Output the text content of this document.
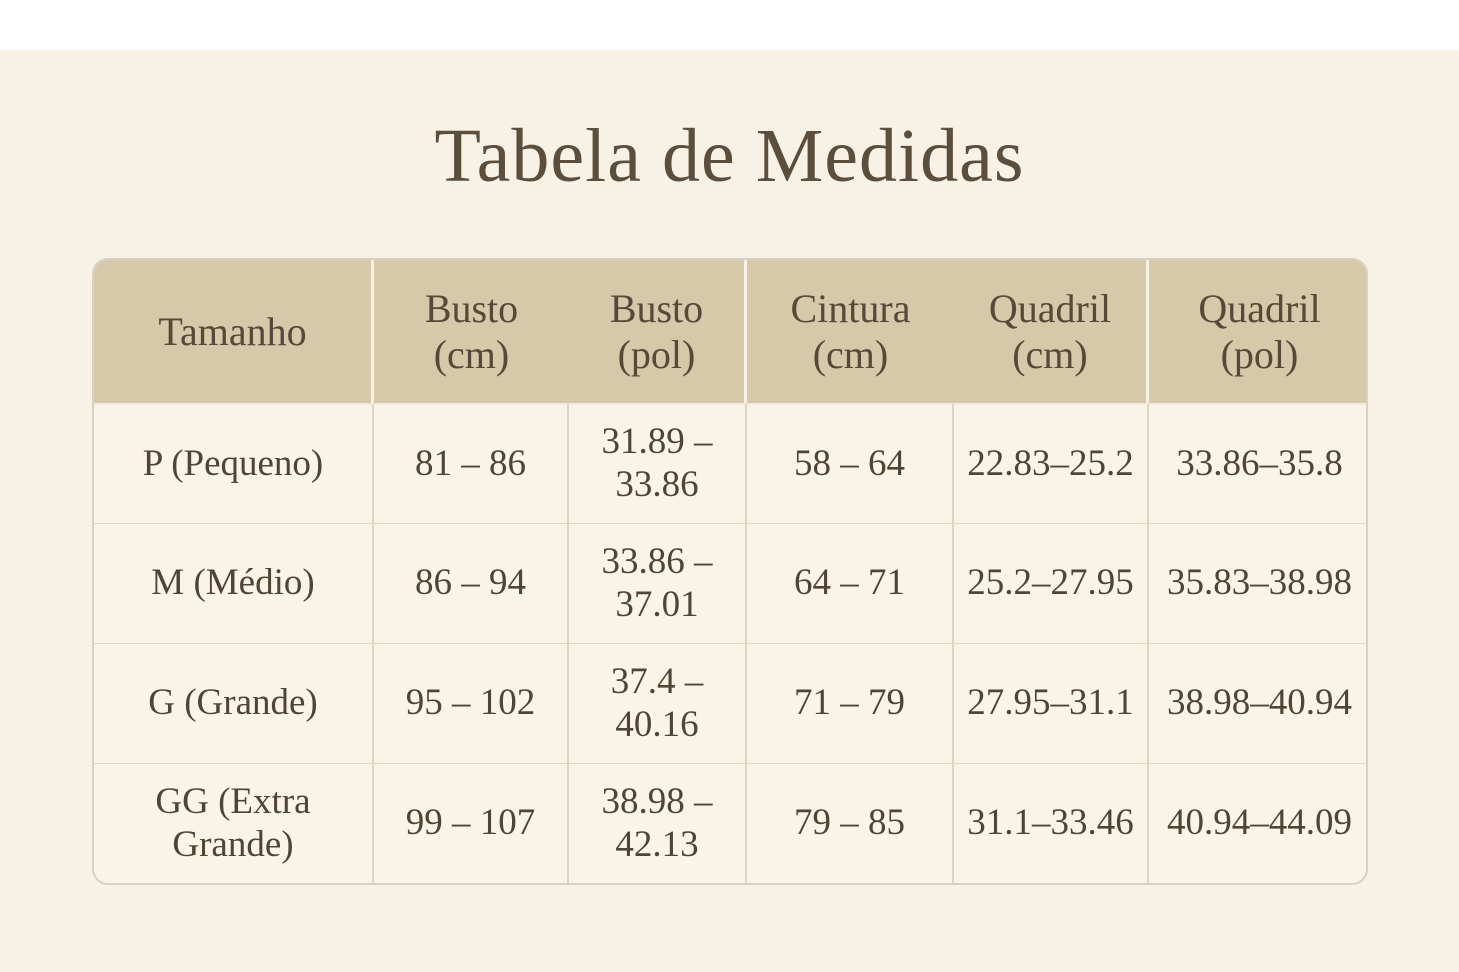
Tabela de Medidas
Tamanho	Busto (cm)	Busto (pol)	Cintura (cm)	Quadril (cm)	Quadril (pol)
P (Pequeno)	81 – 86	31.89 – 33.86	58 – 64	22.83–25.2	33.86–35.8
M (Médio)	86 – 94	33.86 – 37.01	64 – 71	25.2–27.95	35.83–38.98
G (Grande)	95 – 102	37.4 – 40.16	71 – 79	27.95–31.1	38.98–40.94
GG (Extra Grande)	99 – 107	38.98 – 42.13	79 – 85	31.1–33.46	40.94–44.09
